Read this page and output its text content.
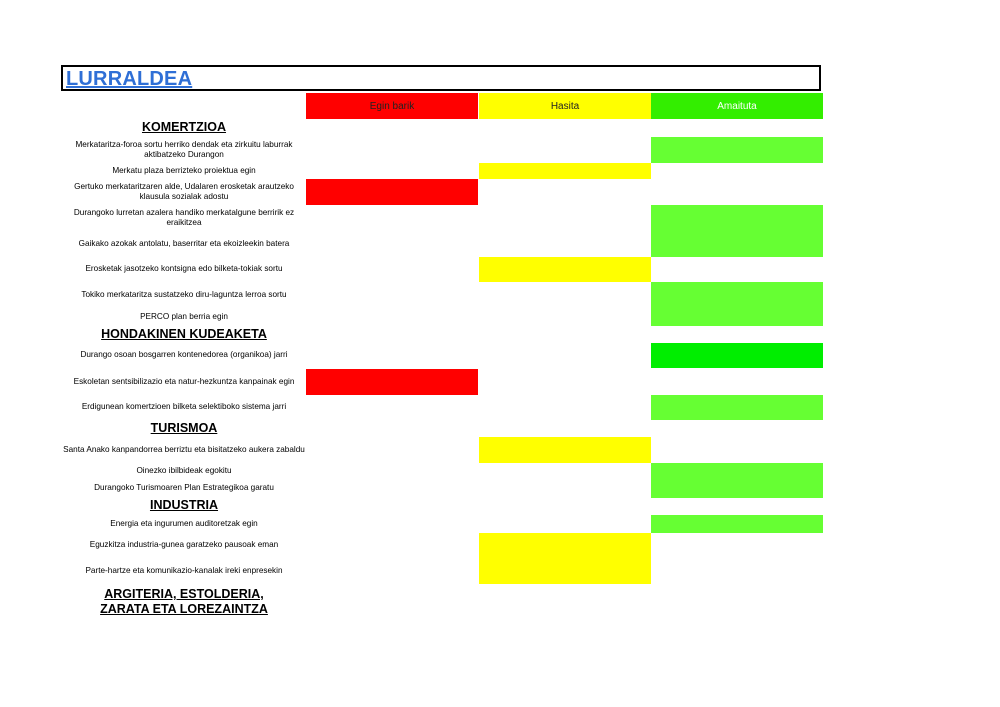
LURRALDEA
Egin barik	Hasita	Amaituta
KOMERTZIOA
Merkataritza-foroa sortu herriko dendak eta zirkuitu laburrak aktibatzeko Durangon
Merkatu plaza berrizteko proiektua egin
Gertuko merkataritzaren alde, Udalaren erosketak arautzeko klausula sozialak adostu
Durangoko lurretan azalera handiko merkatalgune berririk ez eraikitzea
Gaikako azokak antolatu, baserritar eta ekoizleekin batera
Erosketak jasotzeko kontsigna edo bilketa-tokiak sortu
Tokiko merkataritza sustatzeko diru-laguntza lerroa sortu
PERCO plan berria egin
HONDAKINEN KUDEAKETA
Durango osoan bosgarren kontenedorea (organikoa) jarri
Eskoletan sentsibilizazio eta natur-hezkuntza kanpainak egin
Erdigunean komertzioen bilketa selektiboko sistema jarri
TURISMOA
Santa Anako kanpandorrea berriztu eta bisitatzeko aukera zabaldu
Oinezko ibilbideak egokitu
Durangoko Turismoaren Plan Estrategikoa garatu
INDUSTRIA
Energia eta ingurumen auditoretzak egin
Eguzkitza industria-gunea garatzeko pausoak eman
Parte-hartze eta komunikazio-kanalak ireki enpresekin
ARGITERIA, ESTOLDERIA, ZARATA ETA LOREZAINTZA
